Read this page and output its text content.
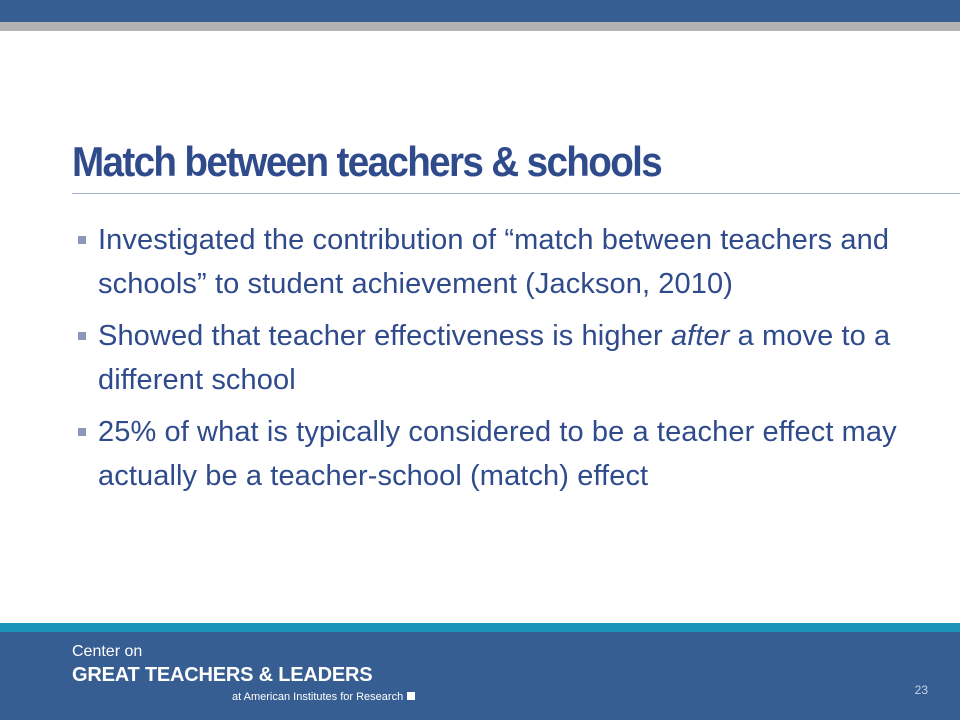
Match between teachers & schools
Investigated the contribution of “match between teachers and schools” to student achievement (Jackson, 2010)
Showed that teacher effectiveness is higher after a move to a different school
25% of what is typically considered to be a teacher effect may actually be a teacher-school (match) effect
Center on
GREAT TEACHERS & LEADERS
at American Institutes for Research	23
